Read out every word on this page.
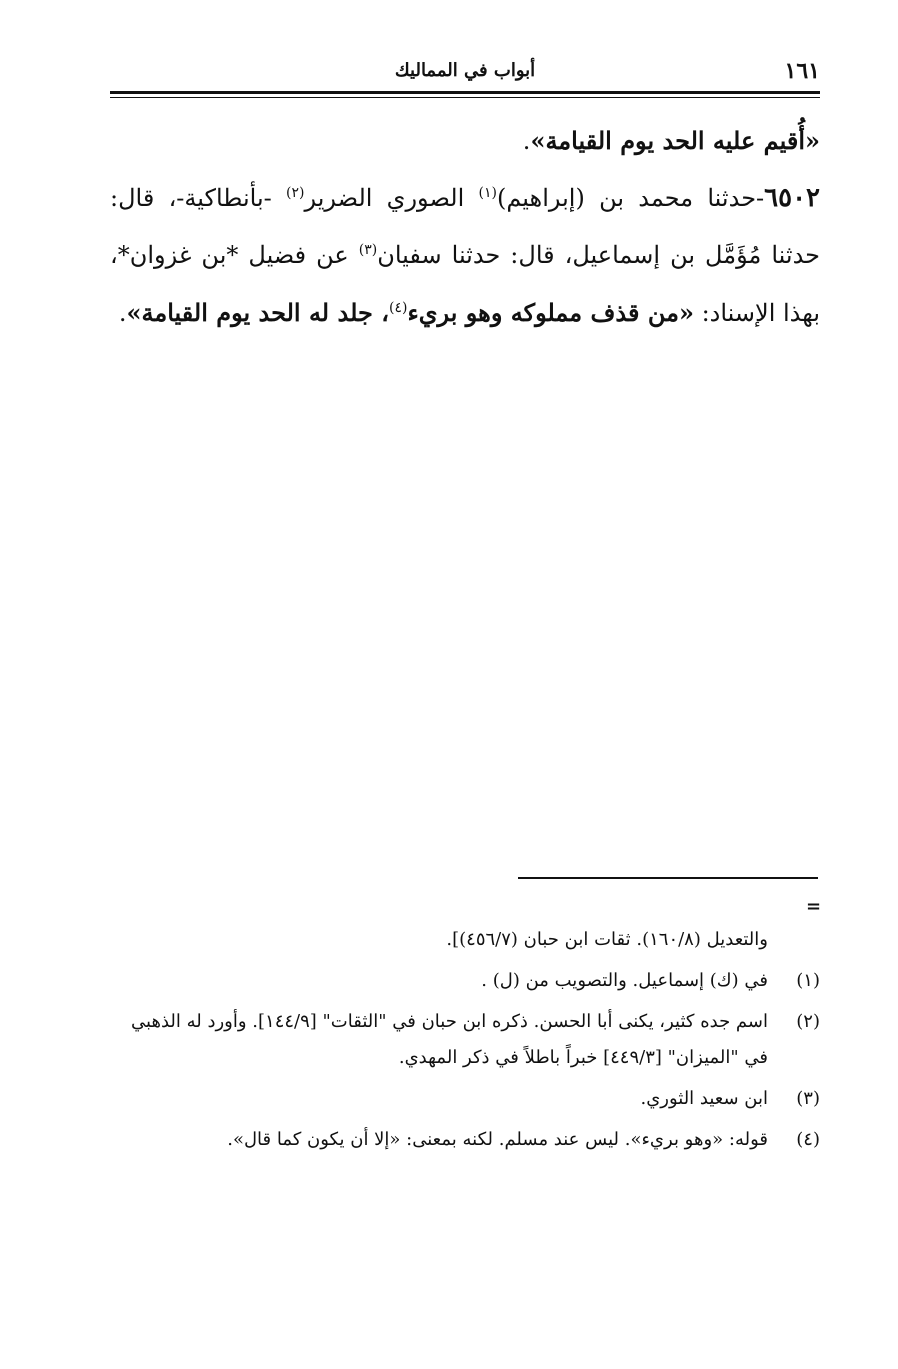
١٦١
أبواب في المماليك

«أُقيم عليه الحد يوم القيامة».

٦٥٠٢-حدثنا محمد بن (إبراهيم)$^{(١)}$ الصوري الضرير$^{(٢)}$ -بأنطاكية-، قال: حدثنا مُؤَمَّل بن إسماعيل، قال: حدثنا سفيان$^{(٣)}$ عن فضيل *بن غزوان*، بهذا الإسناد: «من قذف مملوكه وهو بريء$^{(٤)}$، جلد له الحد يوم القيامة».

=
والتعديل (١٦٠/٨). ثقات ابن حبان (٤٥٦/٧)].
(١)
في (ك) إسماعيل. والتصويب من (ل) .
(٢)
اسم جده كثير، يكنى أبا الحسن. ذكره ابن حبان في "الثقات" [١٤٤/٩]. وأورد له الذهبي في "الميزان" [٤٤٩/٣] خبراً باطلاً في ذكر المهدي.
(٣)
ابن سعيد الثوري.
(٤)
قوله: «وهو بريء». ليس عند مسلم. لكنه بمعنى: «إلا أن يكون كما قال».
